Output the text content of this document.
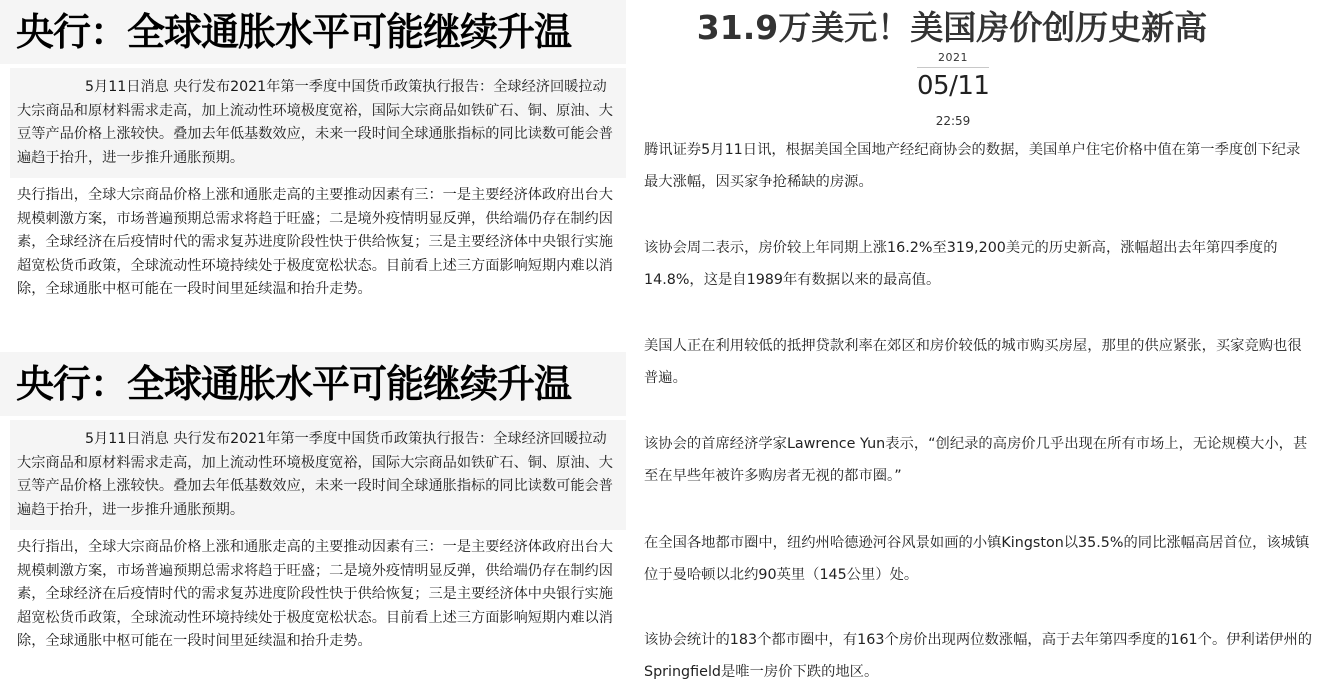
央行：全球通胀水平可能继续升温

5月11日消息 央行发布2021年第一季度中国货币政策执行报告：全球经济回暖拉动大宗商品和原材料需求走高，加上流动性环境极度宽裕，国际大宗商品如铁矿石、铜、原油、大豆等产品价格上涨较快。叠加去年低基数效应，未来一段时间全球通胀指标的同比读数可能会普遍趋于抬升，进一步推升通胀预期。

央行指出，全球大宗商品价格上涨和通胀走高的主要推动因素有三：一是主要经济体政府出台大规模刺激方案，市场普遍预期总需求将趋于旺盛；二是境外疫情明显反弹，供给端仍存在制约因素，全球经济在后疫情时代的需求复苏进度阶段性快于供给恢复；三是主要经济体中央银行实施超宽松货币政策，全球流动性环境持续处于极度宽松状态。目前看上述三方面影响短期内难以消除，全球通胀中枢可能在一段时间里延续温和抬升走势。

央行：全球通胀水平可能继续升温

5月11日消息 央行发布2021年第一季度中国货币政策执行报告：全球经济回暖拉动大宗商品和原材料需求走高，加上流动性环境极度宽裕，国际大宗商品如铁矿石、铜、原油、大豆等产品价格上涨较快。叠加去年低基数效应，未来一段时间全球通胀指标的同比读数可能会普遍趋于抬升，进一步推升通胀预期。

央行指出，全球大宗商品价格上涨和通胀走高的主要推动因素有三：一是主要经济体政府出台大规模刺激方案，市场普遍预期总需求将趋于旺盛；二是境外疫情明显反弹，供给端仍存在制约因素，全球经济在后疫情时代的需求复苏进度阶段性快于供给恢复；三是主要经济体中央银行实施超宽松货币政策，全球流动性环境持续处于极度宽松状态。目前看上述三方面影响短期内难以消除，全球通胀中枢可能在一段时间里延续温和抬升走势。

31.9万美元！美国房价创历史新高
2021
05/11
22:59

腾讯证券5月11日讯，根据美国全国地产经纪商协会的数据，美国单户住宅价格中值在第一季度创下纪录最大涨幅，因买家争抢稀缺的房源。

该协会周二表示，房价较上年同期上涨16.2%至319,200美元的历史新高，涨幅超出去年第四季度的14.8%，这是自1989年有数据以来的最高值。

美国人正在利用较低的抵押贷款利率在郊区和房价较低的城市购买房屋，那里的供应紧张，买家竞购也很普遍。

该协会的首席经济学家Lawrence Yun表示，“创纪录的高房价几乎出现在所有市场上，无论规模大小，甚至在早些年被许多购房者无视的都市圈。”

在全国各地都市圈中，纽约州哈德逊河谷风景如画的小镇Kingston以35.5%的同比涨幅高居首位，该城镇位于曼哈顿以北约90英里（145公里）处。

该协会统计的183个都市圈中，有163个房价出现两位数涨幅，高于去年第四季度的161个。伊利诺伊州的Springfield是唯一房价下跌的地区。
